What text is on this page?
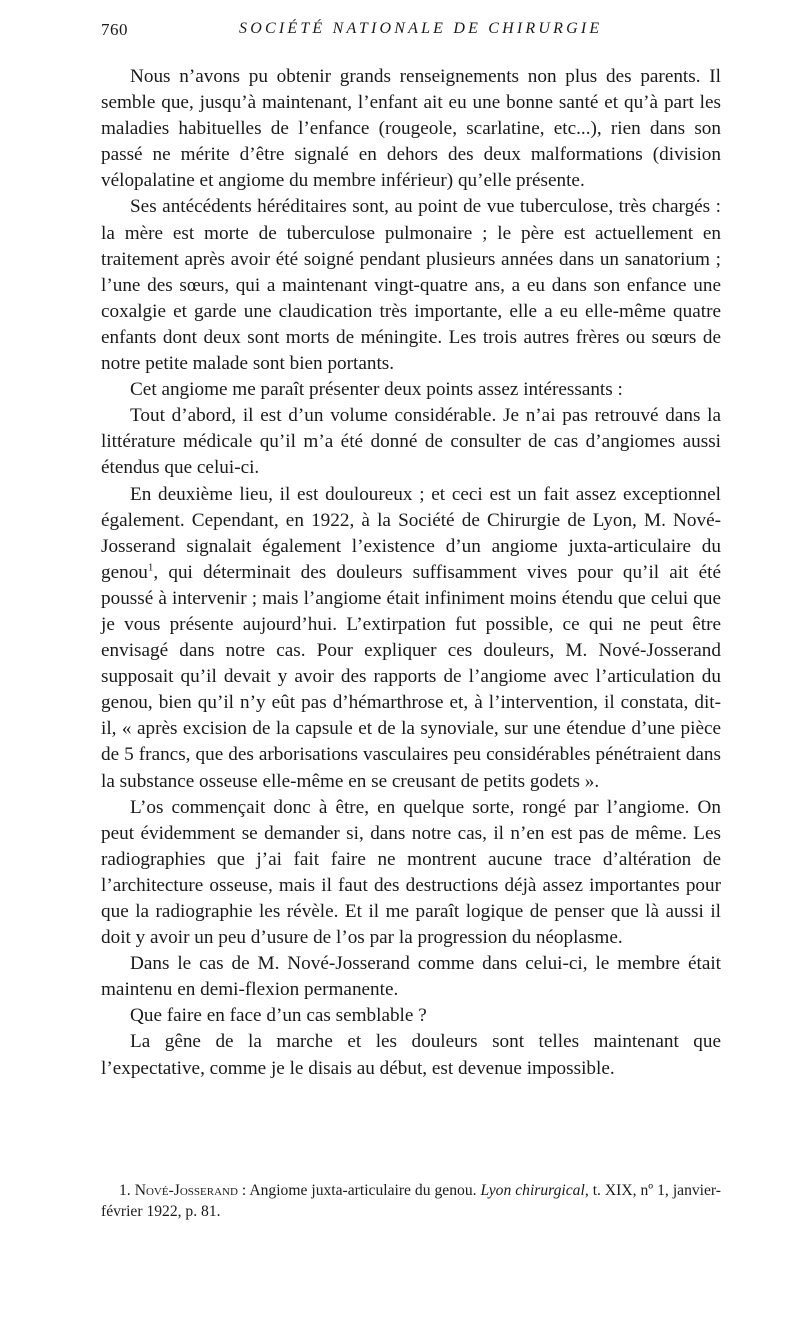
760	SOCIÉTÉ NATIONALE DE CHIRURGIE

Nous n’avons pu obtenir grands renseignements non plus des parents. Il semble que, jusqu’à maintenant, l’enfant ait eu une bonne santé et qu’à part les maladies habituelles de l’enfance (rougeole, scarlatine, etc...), rien dans son passé ne mérite d’être signalé en dehors des deux malformations (division vélopalatine et angiome du membre inférieur) qu’elle présente.

Ses antécédents héréditaires sont, au point de vue tuberculose, très chargés : la mère est morte de tuberculose pulmonaire ; le père est actuellement en traitement après avoir été soigné pendant plusieurs années dans un sanatorium ; l’une des sœurs, qui a maintenant vingt-quatre ans, a eu dans son enfance une coxalgie et garde une claudication très importante, elle a eu elle-même quatre enfants dont deux sont morts de méningite. Les trois autres frères ou sœurs de notre petite malade sont bien portants.

Cet angiome me paraît présenter deux points assez intéressants :

Tout d’abord, il est d’un volume considérable. Je n’ai pas retrouvé dans la littérature médicale qu’il m’a été donné de consulter de cas d’angiomes aussi étendus que celui-ci.

En deuxième lieu, il est douloureux ; et ceci est un fait assez exceptionnel également. Cependant, en 1922, à la Société de Chirurgie de Lyon, M. Nové-Josserand signalait également l’existence d’un angiome juxta-articulaire du genou$^1$, qui déterminait des douleurs suffisamment vives pour qu’il ait été poussé à intervenir ; mais l’angiome était infiniment moins étendu que celui que je vous présente aujourd’hui. L’extirpation fut possible, ce qui ne peut être envisagé dans notre cas. Pour expliquer ces douleurs, M. Nové-Josserand supposait qu’il devait y avoir des rapports de l’angiome avec l’articulation du genou, bien qu’il n’y eût pas d’hémarthrose et, à l’intervention, il constata, dit-il, « après excision de la capsule et de la synoviale, sur une étendue d’une pièce de 5 francs, que des arborisations vasculaires peu considérables pénétraient dans la substance osseuse elle-même en se creusant de petits godets ».

L’os commençait donc à être, en quelque sorte, rongé par l’angiome. On peut évidemment se demander si, dans notre cas, il n’en est pas de même. Les radiographies que j’ai fait faire ne montrent aucune trace d’altération de l’architecture osseuse, mais il faut des destructions déjà assez importantes pour que la radiographie les révèle. Et il me paraît logique de penser que là aussi il doit y avoir un peu d’usure de l’os par la progression du néoplasme.

Dans le cas de M. Nové-Josserand comme dans celui-ci, le membre était maintenu en demi-flexion permanente.

Que faire en face d’un cas semblable ?

La gêne de la marche et les douleurs sont telles maintenant que l’expectative, comme je le disais au début, est devenue impossible.

1. Nové-Josserand : Angiome juxta-articulaire du genou. Lyon chirurgical, t. XIX, nº 1, janvier-février 1922, p. 81.
